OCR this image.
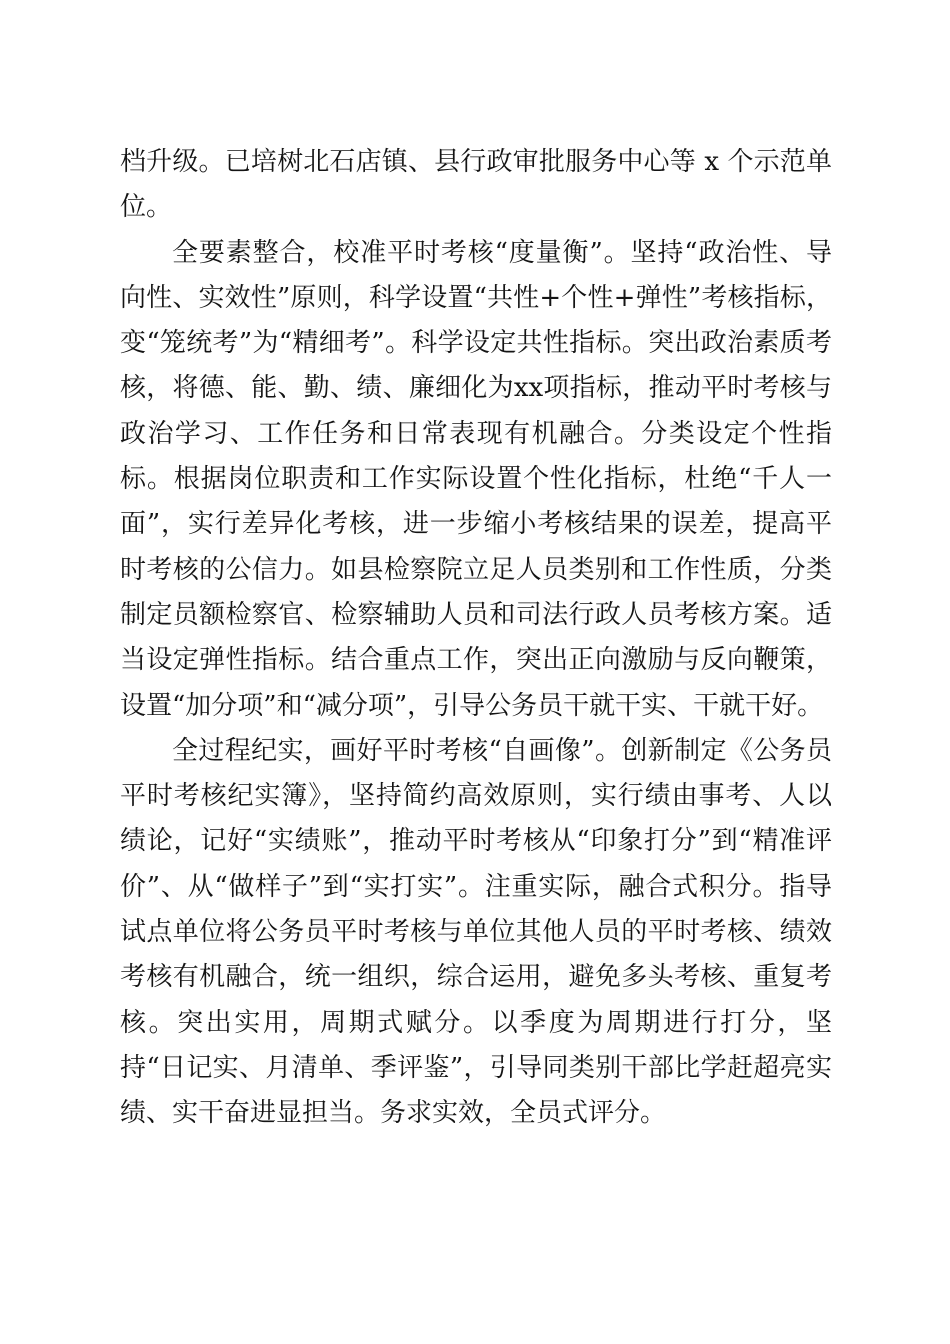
档升级。已培树北石店镇、县行政审批服务中心等 x 个示范单位。

全要素整合，校准平时考核“度量衡”。坚持“政治性、导向性、实效性”原则，科学设置“共性+个性+弹性”考核指标，变“笼统考”为“精细考”。科学设定共性指标。突出政治素质考核，将德、能、勤、绩、廉细化为xx项指标，推动平时考核与政治学习、工作任务和日常表现有机融合。分类设定个性指标。根据岗位职责和工作实际设置个性化指标，杜绝“千人一面”，实行差异化考核，进一步缩小考核结果的误差，提高平时考核的公信力。如县检察院立足人员类别和工作性质，分类制定员额检察官、检察辅助人员和司法行政人员考核方案。适当设定弹性指标。结合重点工作，突出正向激励与反向鞭策，设置“加分项”和“减分项”，引导公务员干就干实、干就干好。

全过程纪实，画好平时考核“自画像”。创新制定《公务员平时考核纪实簿》，坚持简约高效原则，实行绩由事考、人以绩论，记好“实绩账”，推动平时考核从“印象打分”到“精准评价”、从“做样子”到“实打实”。注重实际，融合式积分。指导试点单位将公务员平时考核与单位其他人员的平时考核、绩效考核有机融合，统一组织，综合运用，避免多头考核、重复考核。突出实用，周期式赋分。以季度为周期进行打分，坚持“日记实、月清单、季评鉴”，引导同类别干部比学赶超亮实绩、实干奋进显担当。务求实效，全员式评分。
